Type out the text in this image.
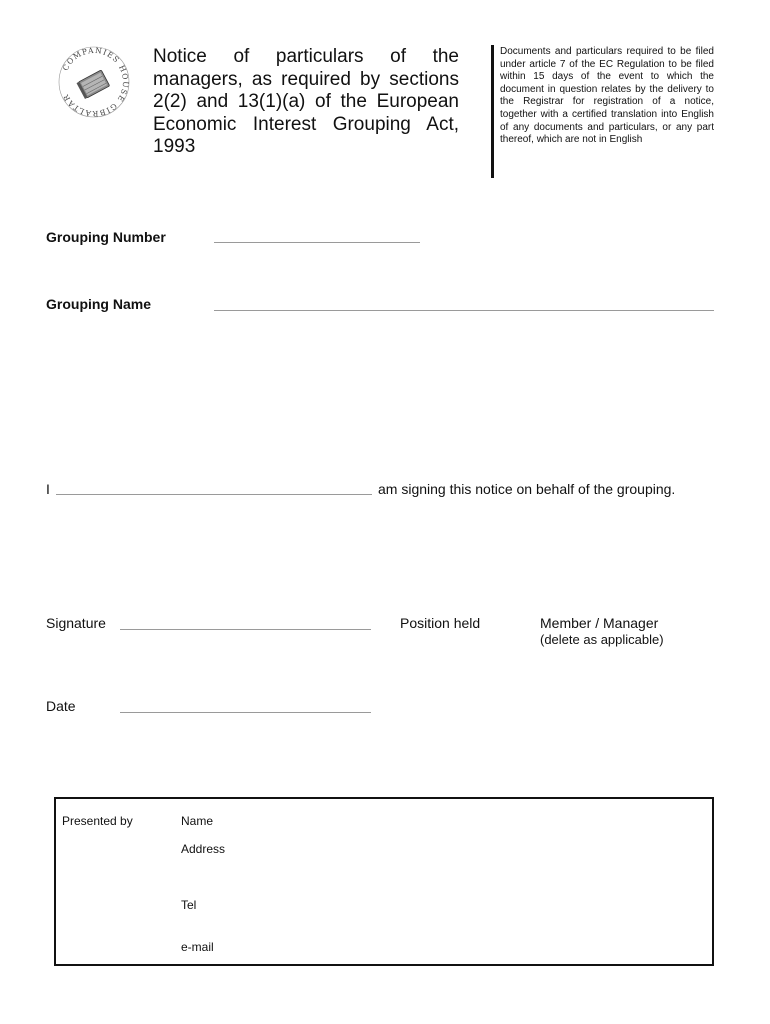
COMPANIES HOUSE GIBRALTAR
Notice of particulars of the managers, as required by sections 2(2) and 13(1)(a) of the European Economic Interest Grouping Act, 1993
Documents and particulars required to be filed under article 7 of the EC Regulation to be filed within 15 days of the event to which the document in question relates by the delivery to the Registrar for registration of a notice, together with a certified translation into English of any documents and particulars, or any part thereof, which are not in English
Grouping Number
Grouping Name
I	am signing this notice on behalf of the grouping.
Signature	Position held	Member / Manager
(delete as applicable)
Date
Presented by	Name
Address
Tel
e-mail
